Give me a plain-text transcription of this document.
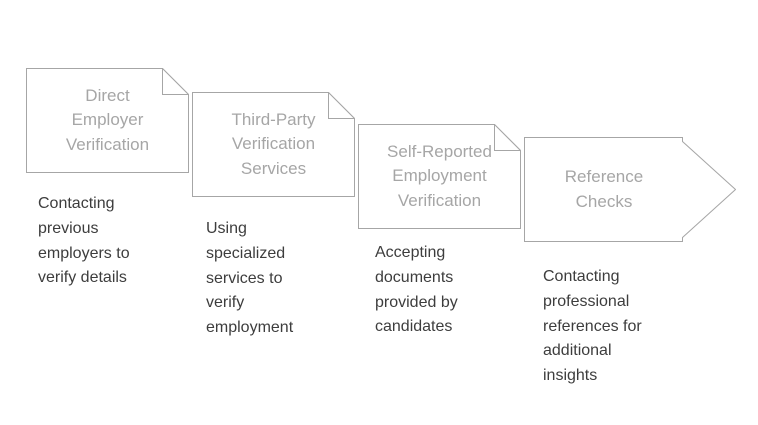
Direct
Employer
Verification
Contacting
previous
employers to
verify details
Third-Party
Verification
Services
Using
specialized
services to
verify
employment
Self-Reported
Employment
Verification
Accepting
documents
provided by
candidates
Reference
Checks
Contacting
professional
references for
additional
insights
